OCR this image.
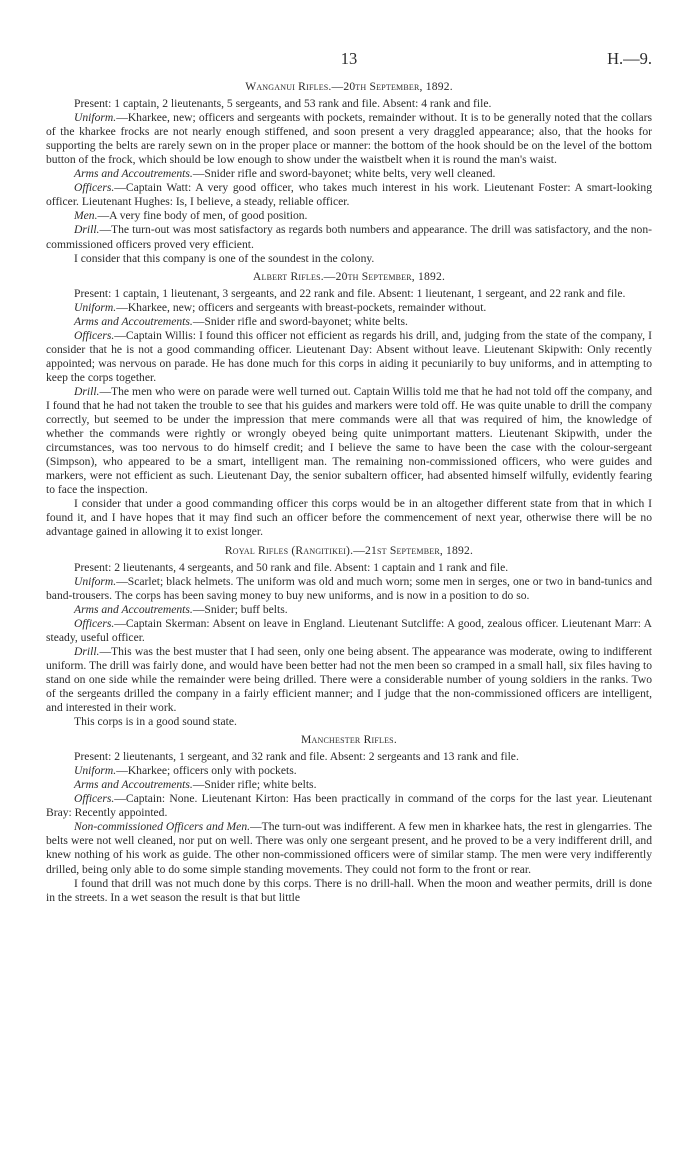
13	H.—9.
Wanganui Rifles.—20th September, 1892.

Present: 1 captain, 2 lieutenants, 5 sergeants, and 53 rank and file. Absent: 4 rank and file.

Uniform.—Kharkee, new; officers and sergeants with pockets, remainder without. It is to be generally noted that the collars of the kharkee frocks are not nearly enough stiffened, and soon present a very draggled appearance; also, that the hooks for supporting the belts are rarely sewn on in the proper place or manner: the bottom of the hook should be on the level of the bottom button of the frock, which should be low enough to show under the waistbelt when it is round the man's waist.

Arms and Accoutrements.—Snider rifle and sword-bayonet; white belts, very well cleaned.

Officers.—Captain Watt: A very good officer, who takes much interest in his work. Lieutenant Foster: A smart-looking officer. Lieutenant Hughes: Is, I believe, a steady, reliable officer.

Men.—A very fine body of men, of good position.

Drill.—The turn-out was most satisfactory as regards both numbers and appearance. The drill was satisfactory, and the non-commissioned officers proved very efficient.

I consider that this company is one of the soundest in the colony.

Albert Rifles.—20th September, 1892.

Present: 1 captain, 1 lieutenant, 3 sergeants, and 22 rank and file. Absent: 1 lieutenant, 1 sergeant, and 22 rank and file.

Uniform.—Kharkee, new; officers and sergeants with breast-pockets, remainder without.

Arms and Accoutrements.—Snider rifle and sword-bayonet; white belts.

Officers.—Captain Willis: I found this officer not efficient as regards his drill, and, judging from the state of the company, I consider that he is not a good commanding officer. Lieutenant Day: Absent without leave. Lieutenant Skipwith: Only recently appointed; was nervous on parade. He has done much for this corps in aiding it pecuniarily to buy uniforms, and in attempting to keep the corps together.

Drill.—The men who were on parade were well turned out. Captain Willis told me that he had not told off the company, and I found that he had not taken the trouble to see that his guides and markers were told off. He was quite unable to drill the company correctly, but seemed to be under the impression that mere commands were all that was required of him, the knowledge of whether the commands were rightly or wrongly obeyed being quite unimportant matters. Lieutenant Skipwith, under the circumstances, was too nervous to do himself credit; and I believe the same to have been the case with the colour-sergeant (Simpson), who appeared to be a smart, intelligent man. The remaining non-commissioned officers, who were guides and markers, were not efficient as such. Lieutenant Day, the senior subaltern officer, had absented himself wilfully, evidently fearing to face the inspection.

I consider that under a good commanding officer this corps would be in an altogether different state from that in which I found it, and I have hopes that it may find such an officer before the commencement of next year, otherwise there will be no advantage gained in allowing it to exist longer.

Royal Rifles (Rangitikei).—21st September, 1892.

Present: 2 lieutenants, 4 sergeants, and 50 rank and file. Absent: 1 captain and 1 rank and file.

Uniform.—Scarlet; black helmets. The uniform was old and much worn; some men in serges, one or two in band-tunics and band-trousers. The corps has been saving money to buy new uniforms, and is now in a position to do so.

Arms and Accoutrements.—Snider; buff belts.

Officers.—Captain Skerman: Absent on leave in England. Lieutenant Sutcliffe: A good, zealous officer. Lieutenant Marr: A steady, useful officer.

Drill.—This was the best muster that I had seen, only one being absent. The appearance was moderate, owing to indifferent uniform. The drill was fairly done, and would have been better had not the men been so cramped in a small hall, six files having to stand on one side while the remainder were being drilled. There were a considerable number of young soldiers in the ranks. Two of the sergeants drilled the company in a fairly efficient manner; and I judge that the non-commissioned officers are intelligent, and interested in their work.

This corps is in a good sound state.

Manchester Rifles.

Present: 2 lieutenants, 1 sergeant, and 32 rank and file. Absent: 2 sergeants and 13 rank and file.

Uniform.—Kharkee; officers only with pockets.

Arms and Accoutrements.—Snider rifle; white belts.

Officers.—Captain: None. Lieutenant Kirton: Has been practically in command of the corps for the last year. Lieutenant Bray: Recently appointed.

Non-commissioned Officers and Men.—The turn-out was indifferent. A few men in kharkee hats, the rest in glengarries. The belts were not well cleaned, nor put on well. There was only one sergeant present, and he proved to be a very indifferent drill, and knew nothing of his work as guide. The other non-commissioned officers were of similar stamp. The men were very indifferently drilled, being only able to do some simple standing movements. They could not form to the front or rear.

I found that drill was not much done by this corps. There is no drill-hall. When the moon and weather permits, drill is done in the streets. In a wet season the result is that but little
